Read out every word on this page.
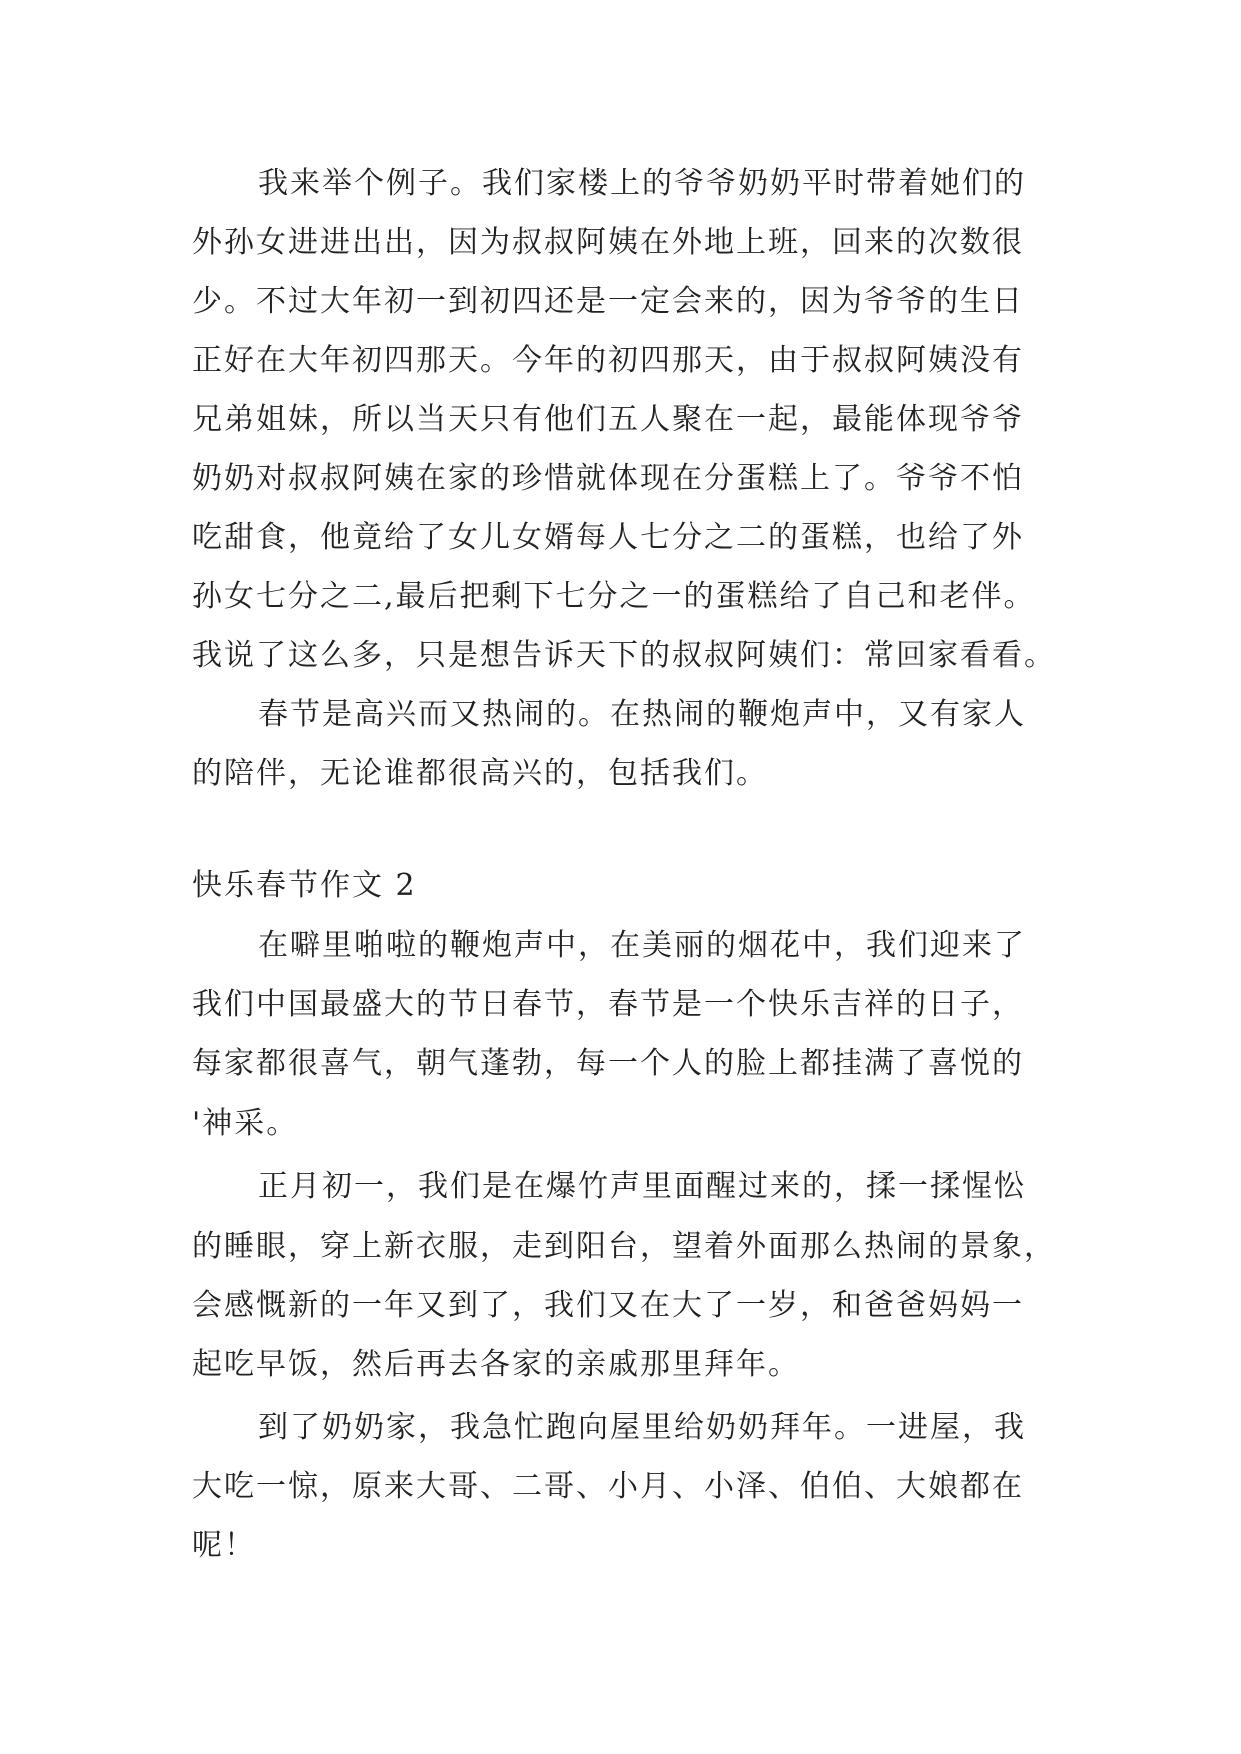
我来举个例子。我们家楼上的爷爷奶奶平时带着她们的
外孙女进进出出，因为叔叔阿姨在外地上班，回来的次数很
少。不过大年初一到初四还是一定会来的，因为爷爷的生日
正好在大年初四那天。今年的初四那天，由于叔叔阿姨没有
兄弟姐妹，所以当天只有他们五人聚在一起，最能体现爷爷
奶奶对叔叔阿姨在家的珍惜就体现在分蛋糕上了。爷爷不怕
吃甜食，他竟给了女儿女婿每人七分之二的蛋糕，也给了外
孙女七分之二,最后把剩下七分之一的蛋糕给了自己和老伴。
我说了这么多，只是想告诉天下的叔叔阿姨们：常回家看看。
春节是高兴而又热闹的。在热闹的鞭炮声中，又有家人
的陪伴，无论谁都很高兴的，包括我们。
快乐春节作文 2
在噼里啪啦的鞭炮声中，在美丽的烟花中，我们迎来了
我们中国最盛大的节日春节，春节是一个快乐吉祥的日子，
每家都很喜气，朝气蓬勃，每一个人的脸上都挂满了喜悦的
'神采。
正月初一，我们是在爆竹声里面醒过来的，揉一揉惺忪
的睡眼，穿上新衣服，走到阳台，望着外面那么热闹的景象，
会感慨新的一年又到了，我们又在大了一岁，和爸爸妈妈一
起吃早饭，然后再去各家的亲戚那里拜年。
到了奶奶家，我急忙跑向屋里给奶奶拜年。一进屋，我
大吃一惊，原来大哥、二哥、小月、小泽、伯伯、大娘都在
呢！
